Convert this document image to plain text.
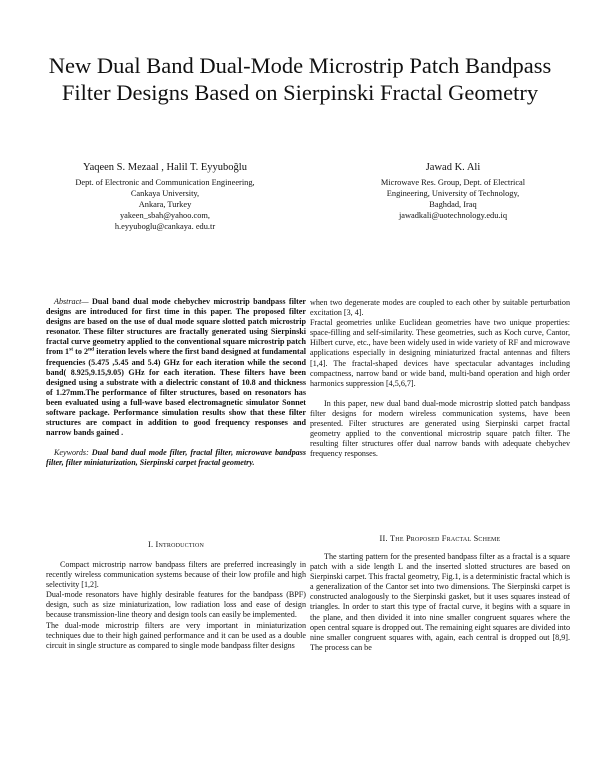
New Dual Band Dual-Mode Microstrip Patch Bandpass Filter Designs Based on Sierpinski Fractal Geometry
Yaqeen S. Mezaal , Halil T. Eyyuboğlu
Dept. of Electronic and Communication Engineering,
Cankaya University,
Ankara, Turkey
yakeen_sbah@yahoo.com,
h.eyyuboglu@cankaya. edu.tr
Jawad K. Ali
Microwave Res. Group, Dept. of Electrical
Engineering, University of Technology,
Baghdad, Iraq
jawadkali@uotechnology.edu.iq
Abstract— Dual band dual mode chebychev microstrip bandpass filter designs are introduced for first time in this paper. The proposed filter designs are based on the use of dual mode square slotted patch microstrip resonator. These filter structures are fractally generated using Sierpinski fractal curve geometry applied to the conventional square microstrip patch from 1st to 2nd iteration levels where the first band designed at fundamental frequencies (5.475 ,5.45 and 5.4) GHz for each iteration while the second band( 8.925,9.15,9.05) GHz for each iteration. These filters have been designed using a substrate with a dielectric constant of 10.8 and thickness of 1.27mm.The performance of filter structures, based on resonators has been evaluated using a full-wave based electromagnetic simulator Sonnet software package. Performance simulation results show that these filter structures are compact in addition to good frequency responses and narrow bands gained .
Keywords: Dual band dual mode filter, fractal filter, microwave bandpass filter, filter miniaturization, Sierpinski carpet fractal geometry.
I. Introduction

Compact microstrip narrow bandpass filters are preferred increasingly in recently wireless communication systems because of their low profile and high selectivity [1,2].

Dual-mode resonators have highly desirable features for the bandpass (BPF) design, such as size miniaturization, low radiation loss and ease of design because transmission-line theory and design tools can easily be implemented.

The dual-mode microstrip filters are very important in miniaturization techniques due to their high gained performance and it can be used as a double circuit in single structure as compared to single mode bandpass filter designs

when two degenerate modes are coupled to each other by suitable perturbation excitation [3, 4].

Fractal geometries unlike Euclidean geometries have two unique properties: space-filling and self-similarity. These geometries, such as Koch curve, Cantor, Hilbert curve, etc., have been widely used in wide variety of RF and microwave applications especially in designing miniaturized fractal antennas and filters [1,4]. The fractal-shaped devices have spectacular advantages including compactness, narrow band or wide band, multi-band operation and high order harmonics suppression [4,5,6,7].

In this paper, new dual band dual-mode microstrip slotted patch bandpass filter designs for modern wireless communication systems, have been presented. Filter structures are generated using Sierpinski carpet fractal geometry applied to the conventional microstrip square patch filter. The resulting filter structures offer dual narrow bands with adequate chebychev frequency responses.

II. The Proposed Fractal Scheme

The starting pattern for the presented bandpass filter as a fractal is a square patch with a side length L and the inserted slotted structures are based on Sierpinski carpet. This fractal geometry, Fig.1, is a deterministic fractal which is a generalization of the Cantor set into two dimensions. The Sierpinski carpet is constructed analogously to the Sierpinski gasket, but it uses squares instead of triangles. In order to start this type of fractal curve, it begins with a square in the plane, and then divided it into nine smaller congruent squares where the open central square is dropped out. The remaining eight squares are divided into nine smaller congruent squares with, again, each central is dropped out [8,9]. The process can be
